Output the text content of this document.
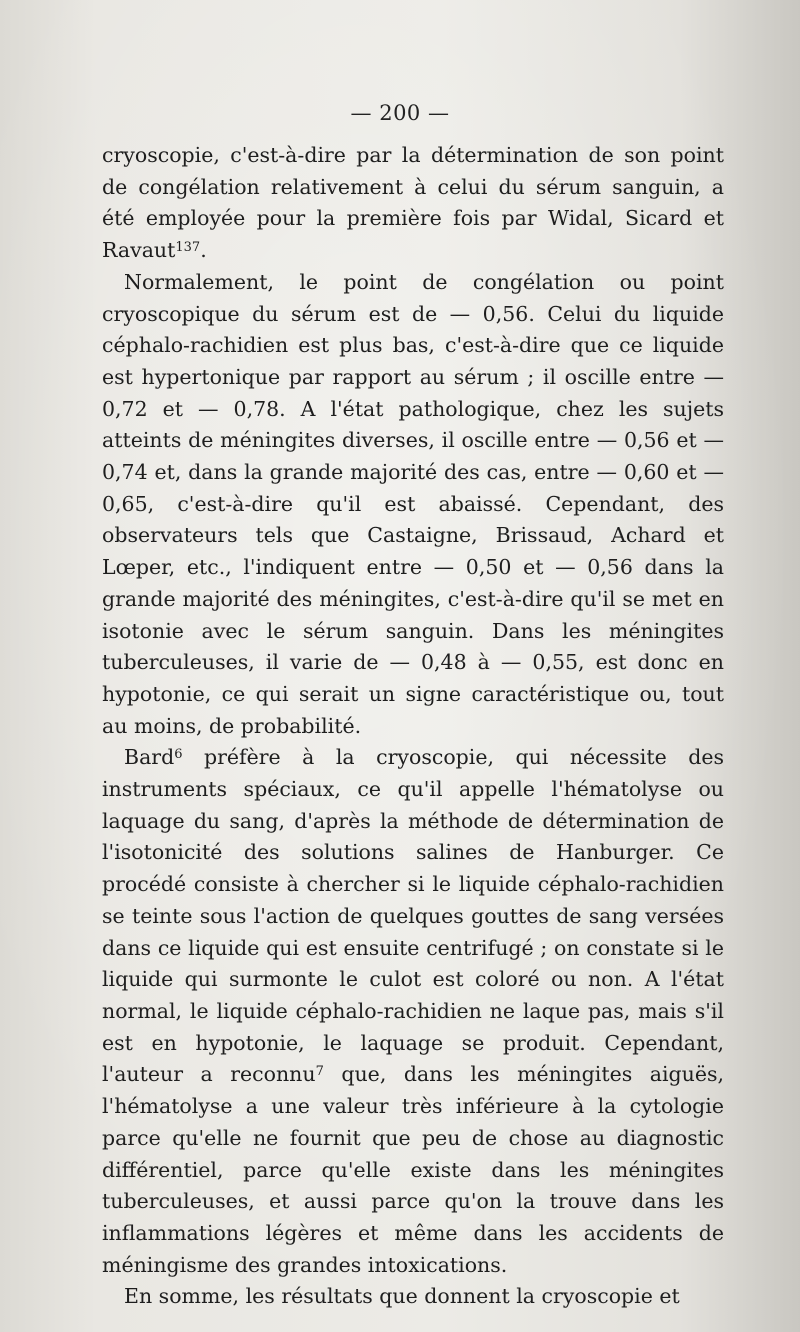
— 200 —

cryoscopie, c'est-à-dire par la détermination de son point de congélation relativement à celui du sérum sanguin, a été employée pour la première fois par Widal, Sicard et Ravaut$^{137}$.

Normalement, le point de congélation ou point cryoscopique du sérum est de — 0,56. Celui du liquide céphalo-rachidien est plus bas, c'est-à-dire que ce liquide est hypertonique par rapport au sérum ; il oscille entre — 0,72 et — 0,78. A l'état pathologique, chez les sujets atteints de méningites diverses, il oscille entre — 0,56 et — 0,74 et, dans la grande majorité des cas, entre — 0,60 et — 0,65, c'est-à-dire qu'il est abaissé. Cependant, des observateurs tels que Castaigne, Brissaud, Achard et Lœper, etc., l'indiquent entre — 0,50 et — 0,56 dans la grande majorité des méningites, c'est-à-dire qu'il se met en isotonie avec le sérum sanguin. Dans les méningites tuberculeuses, il varie de — 0,48 à — 0,55, est donc en hypotonie, ce qui serait un signe caractéristique ou, tout au moins, de probabilité.

Bard$^6$ préfère à la cryoscopie, qui nécessite des instruments spéciaux, ce qu'il appelle l'hématolyse ou laquage du sang, d'après la méthode de détermination de l'isotonicité des solutions salines de Hanburger. Ce procédé consiste à chercher si le liquide céphalo-rachidien se teinte sous l'action de quelques gouttes de sang versées dans ce liquide qui est ensuite centrifugé ; on constate si le liquide qui surmonte le culot est coloré ou non. A l'état normal, le liquide céphalo-rachidien ne laque pas, mais s'il est en hypotonie, le laquage se produit. Cependant, l'auteur a reconnu$^7$ que, dans les méningites aiguës, l'hématolyse a une valeur très inférieure à la cytologie parce qu'elle ne fournit que peu de chose au diagnostic différentiel, parce qu'elle existe dans les méningites tuberculeuses, et aussi parce qu'on la trouve dans les inflammations légères et même dans les accidents de méningisme des grandes intoxications.

En somme, les résultats que donnent la cryoscopie et
